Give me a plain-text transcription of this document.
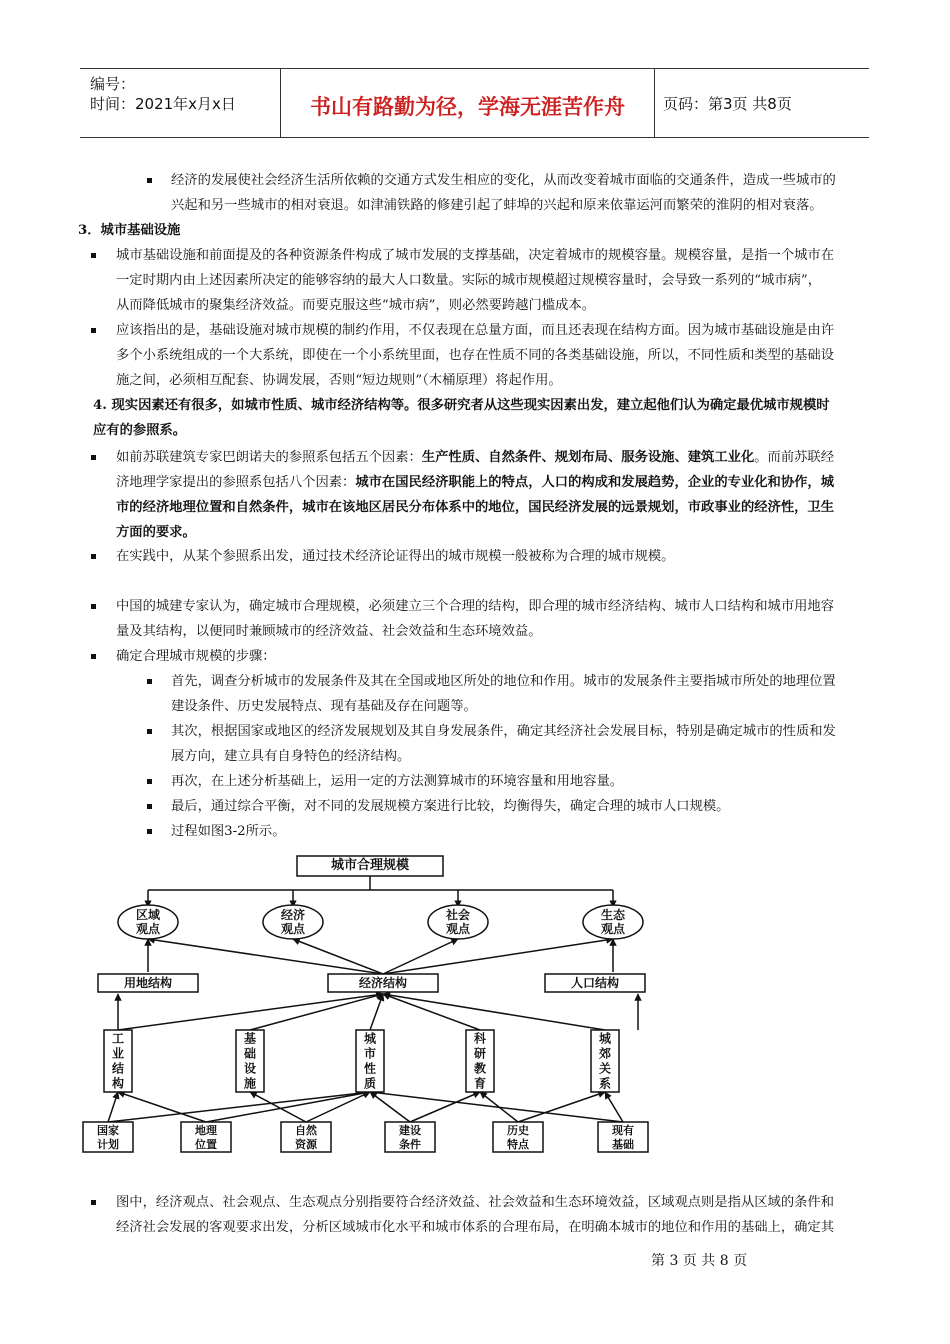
编号：
时间：2021年x月x日	书山有路勤为径，学海无涯苦作舟	页码：第3页 共8页
经济的发展使社会经济生活所依赖的交通方式发生相应的变化，从而改变着城市面临的交通条件，造成一些城市的
兴起和另一些城市的相对衰退。如津浦铁路的修建引起了蚌埠的兴起和原来依靠运河而繁荣的淮阴的相对衰落。
3．城市基础设施
城市基础设施和前面提及的各种资源条件构成了城市发展的支撑基础，决定着城市的规模容量。规模容量，是指一个城市在
一定时期内由上述因素所决定的能够容纳的最大人口数量。实际的城市规模超过规模容量时，会导致一系列的“城市病”，
从而降低城市的聚集经济效益。而要克服这些“城市病”，则必然要跨越门槛成本。
应该指出的是，基础设施对城市规模的制约作用，不仅表现在总量方面，而且还表现在结构方面。因为城市基础设施是由许
多个小系统组成的一个大系统，即使在一个小系统里面，也存在性质不同的各类基础设施，所以，不同性质和类型的基础设
施之间，必须相互配套、协调发展，否则“短边规则”（木桶原理）将起作用。
4. 现实因素还有很多，如城市性质、城市经济结构等。很多研究者从这些现实因素出发，建立起他们认为确定最优城市规模时
应有的参照系。
如前苏联建筑专家巴朗诺夫的参照系包括五个因素：生产性质、自然条件、规划布局、服务设施、建筑工业化。而前苏联经
济地理学家提出的参照系包括八个因素：城市在国民经济职能上的特点，人口的构成和发展趋势，企业的专业化和协作，城
市的经济地理位置和自然条件，城市在该地区居民分布体系中的地位，国民经济发展的远景规划，市政事业的经济性，卫生
方面的要求。
在实践中，从某个参照系出发，通过技术经济论证得出的城市规模一般被称为合理的城市规模。
中国的城建专家认为，确定城市合理规模，必须建立三个合理的结构，即合理的城市经济结构、城市人口结构和城市用地容
量及其结构，以便同时兼顾城市的经济效益、社会效益和生态环境效益。
确定合理城市规模的步骤：
首先，调查分析城市的发展条件及其在全国或地区所处的地位和作用。城市的发展条件主要指城市所处的地理位置
建设条件、历史发展特点、现有基础及存在问题等。
其次，根据国家或地区的经济发展规划及其自身发展条件，确定其经济社会发展目标，特别是确定城市的性质和发
展方向，建立具有自身特色的经济结构。
再次，在上述分析基础上，运用一定的方法测算城市的环境容量和用地容量。
最后，通过综合平衡，对不同的发展规模方案进行比较，均衡得失，确定合理的城市人口规模。
过程如图3-2所示。
城市合理规模
区域观点
经济观点
社会观点
生态观点
用地结构	经济结构	人口结构
工业结构
基础设施
城市性质
科研教育
城郊关系
国家计划
地理位置
自然资源
建设条件
历史特点
现有基础
图中，经济观点、社会观点、生态观点分别指要符合经济效益、社会效益和生态环境效益，区域观点则是指从区域的条件和
经济社会发展的客观要求出发，分析区域城市化水平和城市体系的合理布局，在明确本城市的地位和作用的基础上，确定其
第 3 页 共 8 页
